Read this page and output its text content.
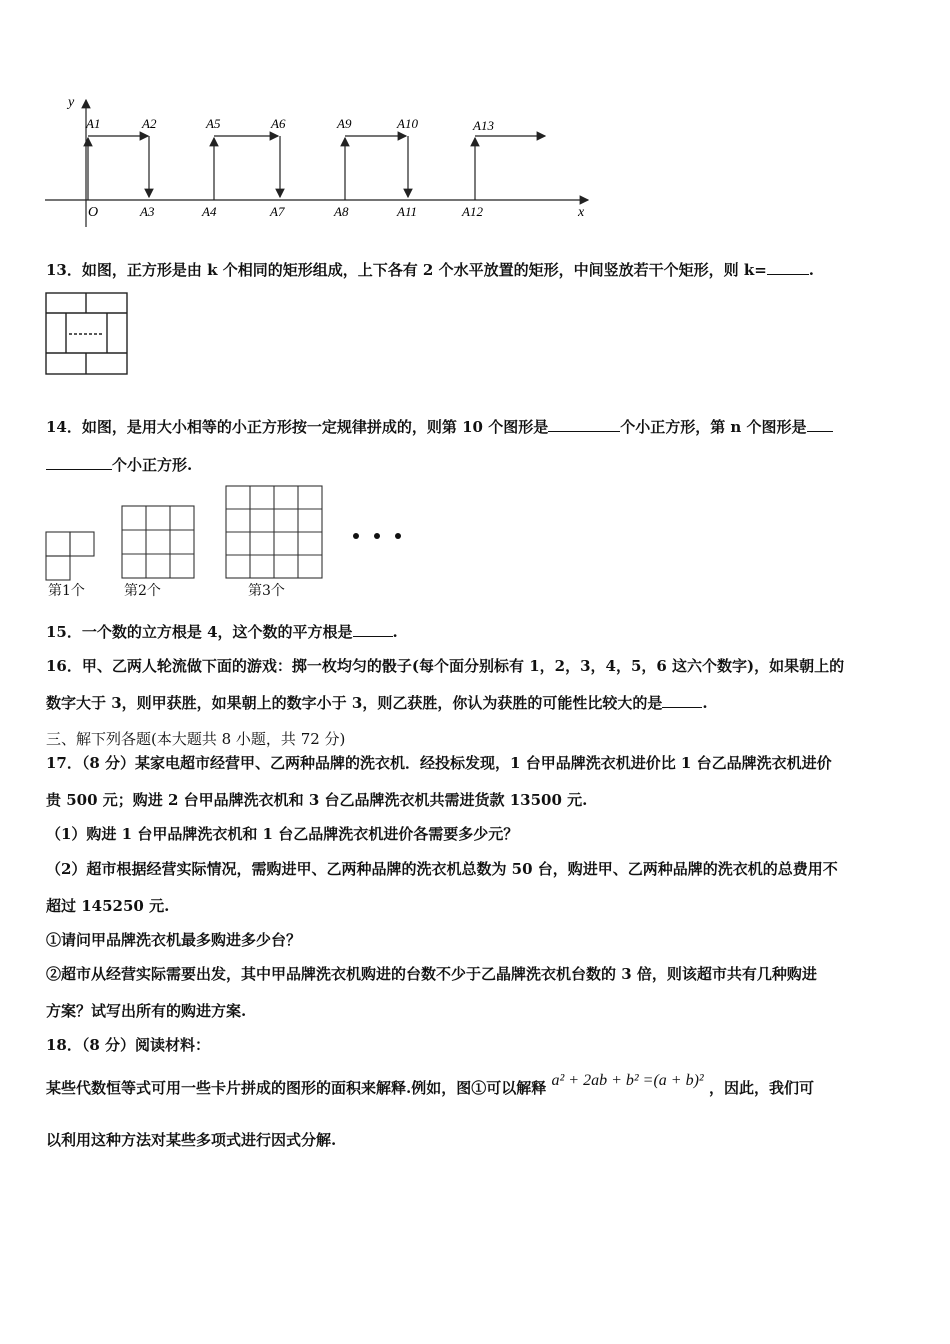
y
x
O
A1	A2	A5	A6	A9	A10	A13
A3	A4	A7	A8	A11	A12
13．如图，正方形是由 k 个相同的矩形组成，上下各有 2 个水平放置的矩形，中间竖放若干个矩形，则 k=	.
14．如图，是用大小相等的小正方形按一定规律拼成的，则第 10 个图形是	个小正方形，第 n 个图形是
个小正方形.
第1个	第2个	第3个
15．一个数的立方根是 4，这个数的平方根是	.
16．甲、乙两人轮流做下面的游戏：掷一枚均匀的骰子(每个面分别标有 1，2，3，4，5，6 这六个数字)，如果朝上的
数字大于 3，则甲获胜，如果朝上的数字小于 3，则乙获胜，你认为获胜的可能性比较大的是	.
三、解下列各题(本大题共 8 小题，共 72 分)
17．（8 分）某家电超市经营甲、乙两种品牌的洗衣机．经投标发现，1 台甲品牌洗衣机进价比 1 台乙品牌洗衣机进价
贵 500 元；购进 2 台甲品牌洗衣机和 3 台乙品牌洗衣机共需进货款 13500 元.
（1）购进 1 台甲品牌洗衣机和 1 台乙品牌洗衣机进价各需要多少元？
（2）超市根据经营实际情况，需购进甲、乙两种品牌的洗衣机总数为 50 台，购进甲、乙两种品牌的洗衣机的总费用不
超过 145250 元.
①请问甲品牌洗衣机最多购进多少台？
②超市从经营实际需要出发，其中甲品牌洗衣机购进的台数不少于乙晶牌洗衣机台数的 3 倍，则该超市共有几种购进
方案？试写出所有的购进方案.
18．（8 分）阅读材料：
某些代数恒等式可用一些卡片拼成的图形的面积来解释.例如，图①可以解释 a² + 2ab + b² =(a + b)² ，因此，我们可
以利用这种方法对某些多项式进行因式分解.
